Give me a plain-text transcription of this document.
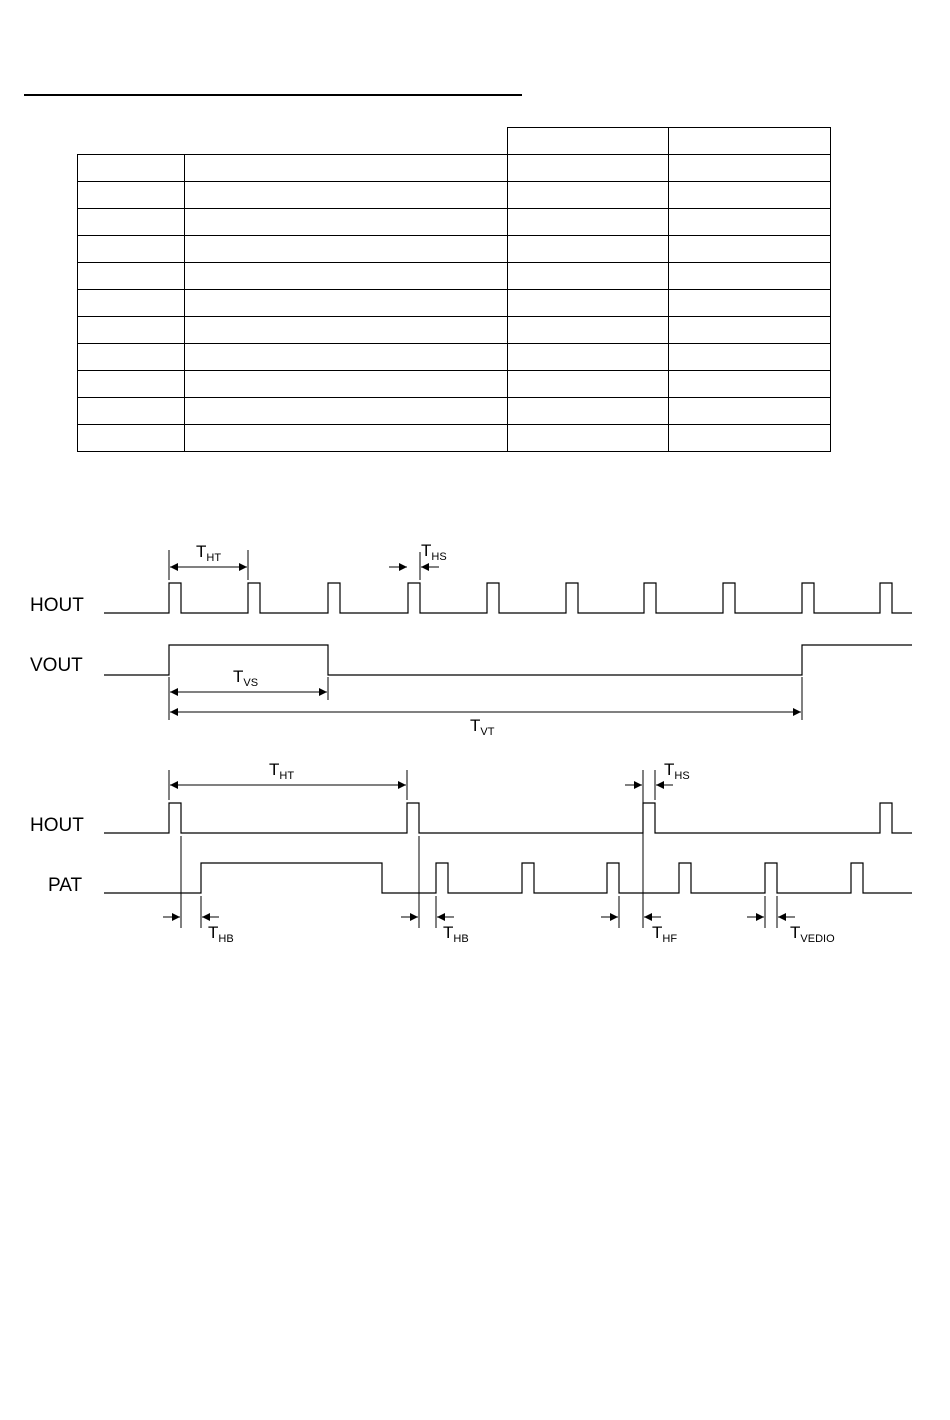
HOUT
VOUT
$T_{HT}$	$T_{HS}$
$T_{VS}$
$T_{VT}$
HOUT
PAT
$T_{HT}$	$T_{HS}$
$T_{HB}$	$T_{HB}$	$T_{HF}$	$T_{VEDIO}$
